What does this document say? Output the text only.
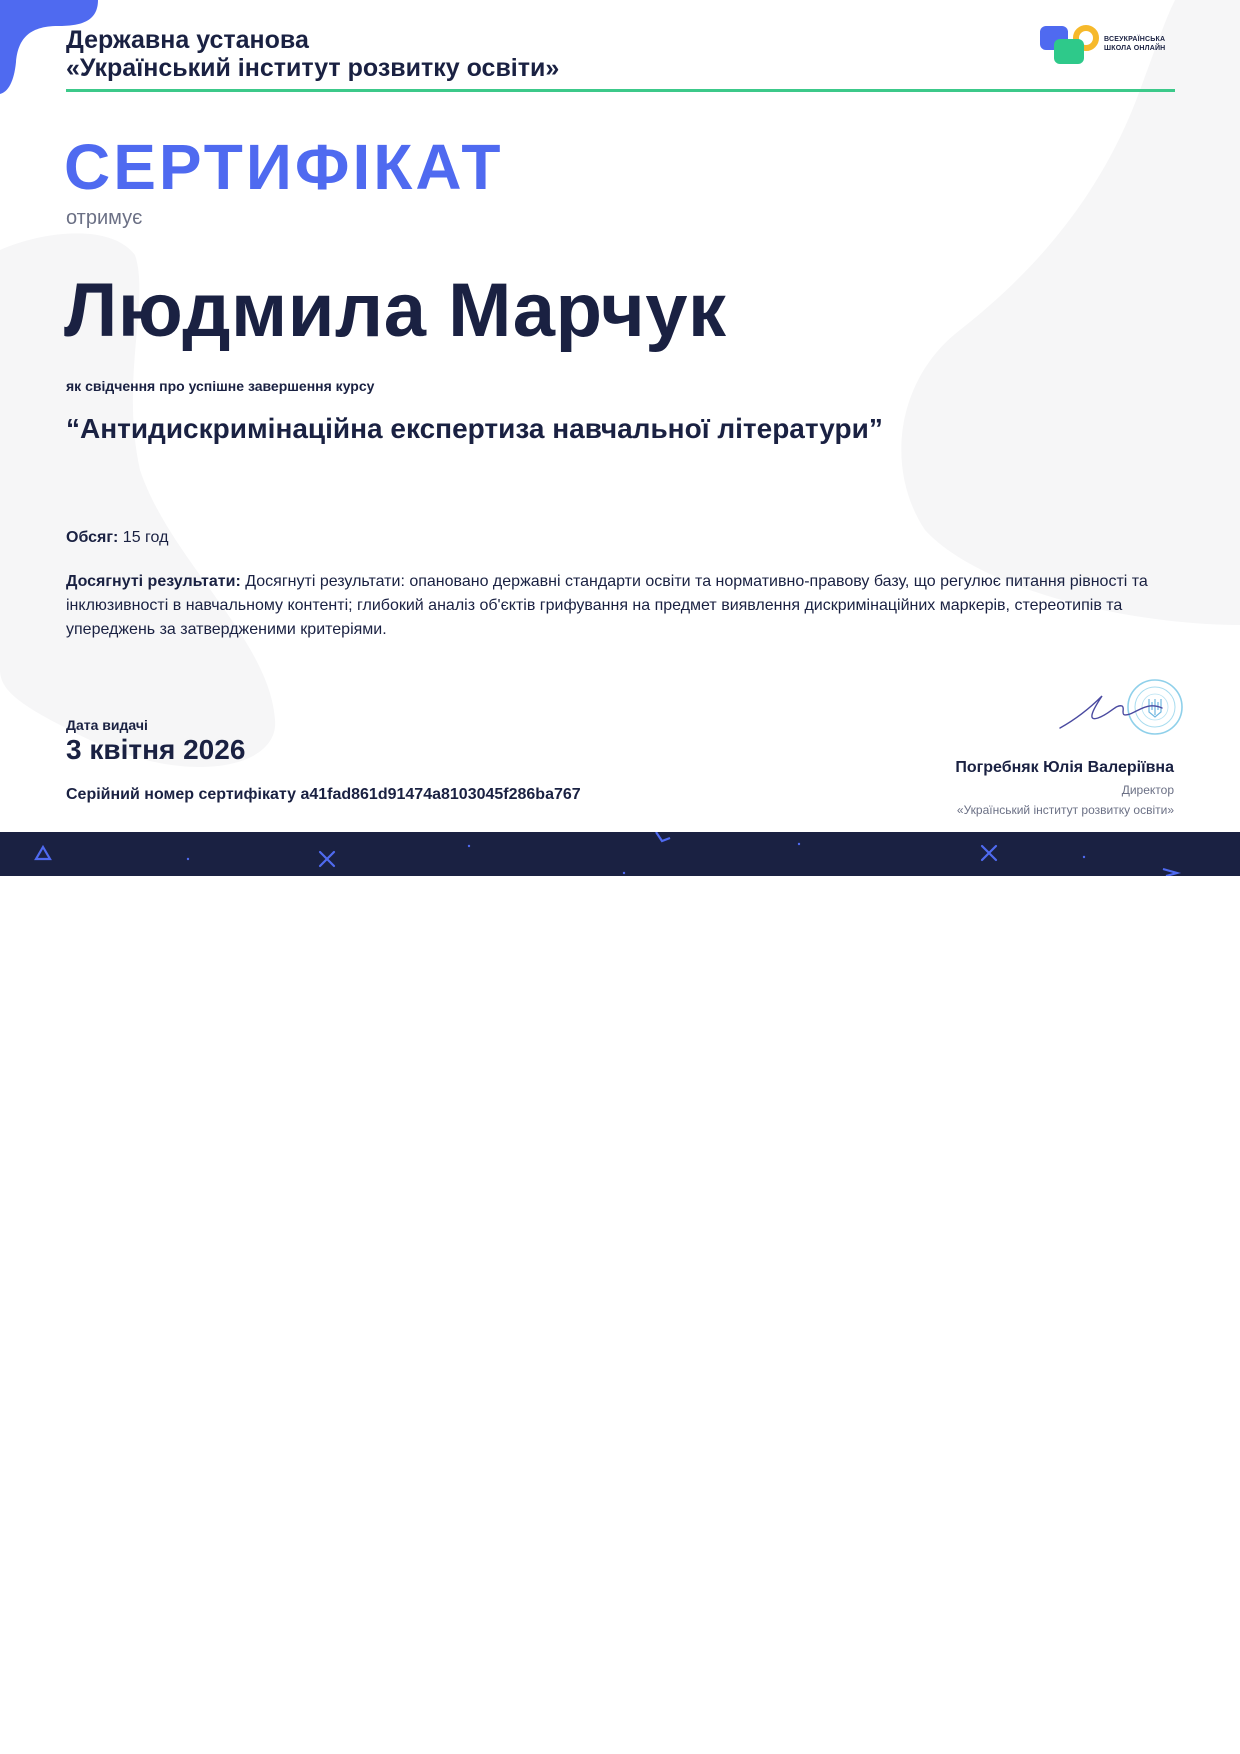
Державна установа
«Український інститут розвитку освіти»
ВСЕУКРАЇНСЬКА
ШКОЛА ОНЛАЙН
СЕРТИФІКАТ
отримує
Людмила Марчук
як свідчення про успішне завершення курсу
“Антидискримінаційна експертиза навчальної літератури”

Обсяг: 15 год

Досягнуті результати: Досягнуті результати: опановано державні стандарти освіти та нормативно-правову базу, що регулює питання рівності та інклюзивності в навчальному контенті; глибокий аналіз об'єктів грифування на предмет виявлення дискримінаційних маркерів, стереотипів та упереджень за затвердженими критеріями.

Дата видачі
3 квітня 2026

Серійний номер сертифікату a41fad861d91474a8103045f286ba767

Погребняк Юлія Валеріївна
Директор
«Український інститут розвитку освіти»
